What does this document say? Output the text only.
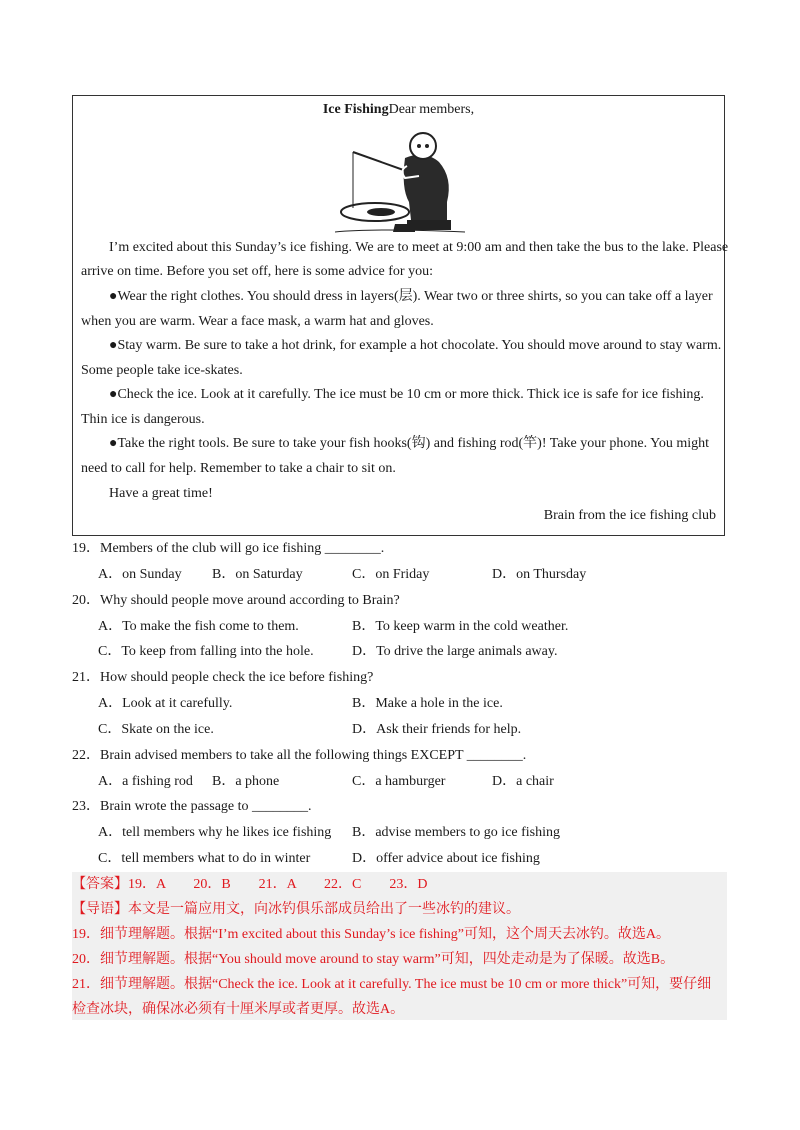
Ice FishingDear members,
I’m excited about this Sunday’s ice fishing. We are to meet at 9:00 am and then take the bus to the lake. Please
arrive on time. Before you set off, here is some advice for you:
●Wear the right clothes. You should dress in layers(层). Wear two or three shirts, so you can take off a layer
when you are warm. Wear a face mask, a warm hat and gloves.
●Stay warm. Be sure to take a hot drink, for example a hot chocolate. You should move around to stay warm.
Some people take ice-skates.
●Check the ice. Look at it carefully. The ice must be 10 cm or more thick. Thick ice is safe for ice fishing.
Thin ice is dangerous.
●Take the right tools. Be sure to take your fish hooks(钩) and fishing rod(竿)! Take your phone. You might
need to call for help. Remember to take a chair to sit on.
Have a great time!
Brain from the ice fishing club
19．Members of the club will go ice fishing ________.
A．on Sunday B．on Saturday	C．on Friday	D．on Thursday
20．Why should people move around according to Brain?
A．To make the fish come to them.	B．To keep warm in the cold weather.
C．To keep from falling into the hole.	D．To drive the large animals away.
21．How should people check the ice before fishing?
A．Look at it carefully.	B．Make a hole in the ice.
C．Skate on the ice.	D．Ask their friends for help.
22．Brain advised members to take all the following things EXCEPT ________.
A．a fishing rod B．a phone	C．a hamburger	D．a chair
23．Brain wrote the passage to ________.
A．tell members why he likes ice fishing B．advise members to go ice fishing
C．tell members what to do in winter	D．offer advice about ice fishing
【答案】19．A　　20．B　　21．A　　22．C　　23．D
【导语】本文是一篇应用文，向冰钓俱乐部成员给出了一些冰钓的建议。
19．细节理解题。根据“I’m excited about this Sunday’s ice fishing”可知，这个周天去冰钓。故选A。
20．细节理解题。根据“You should move around to stay warm”可知，四处走动是为了保暖。故选B。
21．细节理解题。根据“Check the ice. Look at it carefully. The ice must be 10 cm or more thick”可知，要仔细
检查冰块，确保冰必须有十厘米厚或者更厚。故选A。
